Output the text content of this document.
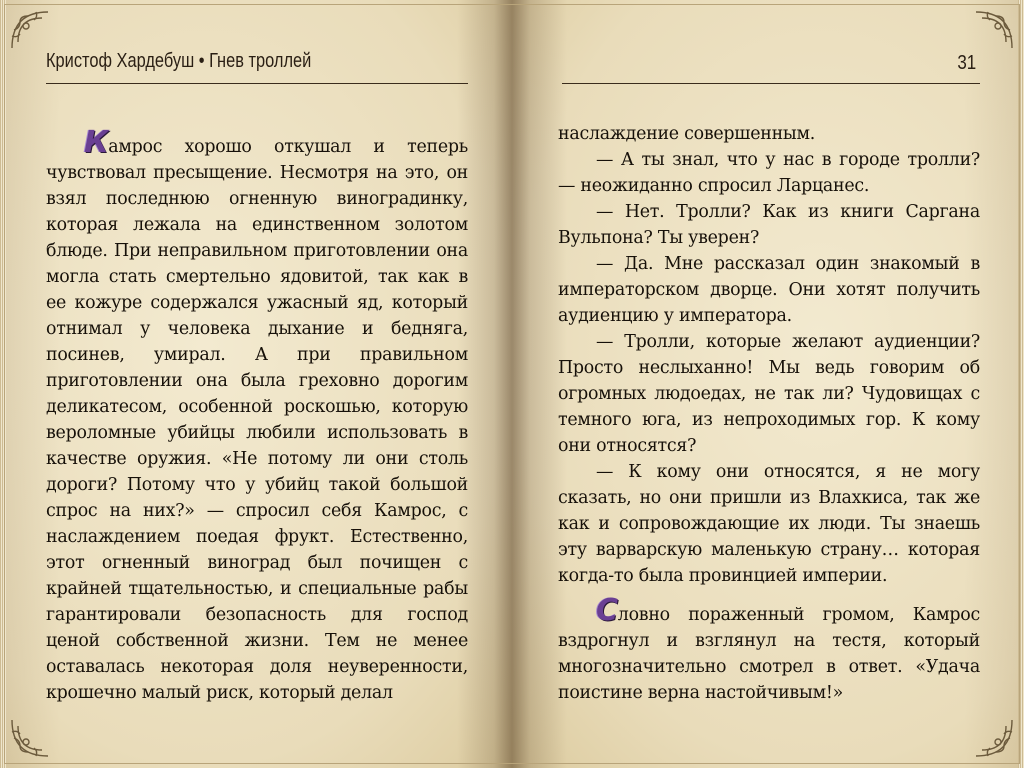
Кристоф Хардебуш • Гнев троллей

Камрос хорошо откушал и теперь чувствовал пресыщение. Несмотря на это, он взял последнюю огненную виноградинку, которая лежала на единственном золотом блюде. При неправильном приготовлении она могла стать смертельно ядовитой, так как в ее кожуре содержался ужасный яд, который отнимал у человека дыхание и бедняга, посинев, умирал. А при правильном приготовлении она была греховно дорогим деликатесом, особенной роскошью, которую вероломные убийцы любили использовать в качестве оружия. «Не потому ли они столь дороги? Потому что у убийц такой большой спрос на них?» — спросил себя Камрос, с наслаждением поедая фрукт. Естественно, этот огненный виноград был почищен с крайней тщательностью, и специальные рабы гарантировали безопасность для господ ценой собственной жизни. Тем не менее оставалась некоторая доля неуверенности, крошечно малый риск, который делал

31

наслаждение совершенным.

— А ты знал, что у нас в городе тролли? — неожиданно спросил Ларцанес.

— Нет. Тролли? Как из книги Саргана Вульпона? Ты уверен?

— Да. Мне рассказал один знакомый в императорском дворце. Они хотят получить аудиенцию у императора.

— Тролли, которые желают аудиенции? Просто неслыханно! Мы ведь говорим об огромных людоедах, не так ли? Чудовищах с темного юга, из непроходимых гор. К кому они относятся?

— К кому они относятся, я не могу сказать, но они пришли из Влахкиса, так же как и сопровождающие их люди. Ты знаешь эту варварскую маленькую страну… которая когда-то была провинцией империи.

Словно пораженный громом, Камрос вздрогнул и взглянул на тестя, который многозначительно смотрел в ответ. «Удача поистине верна настойчивым!»
